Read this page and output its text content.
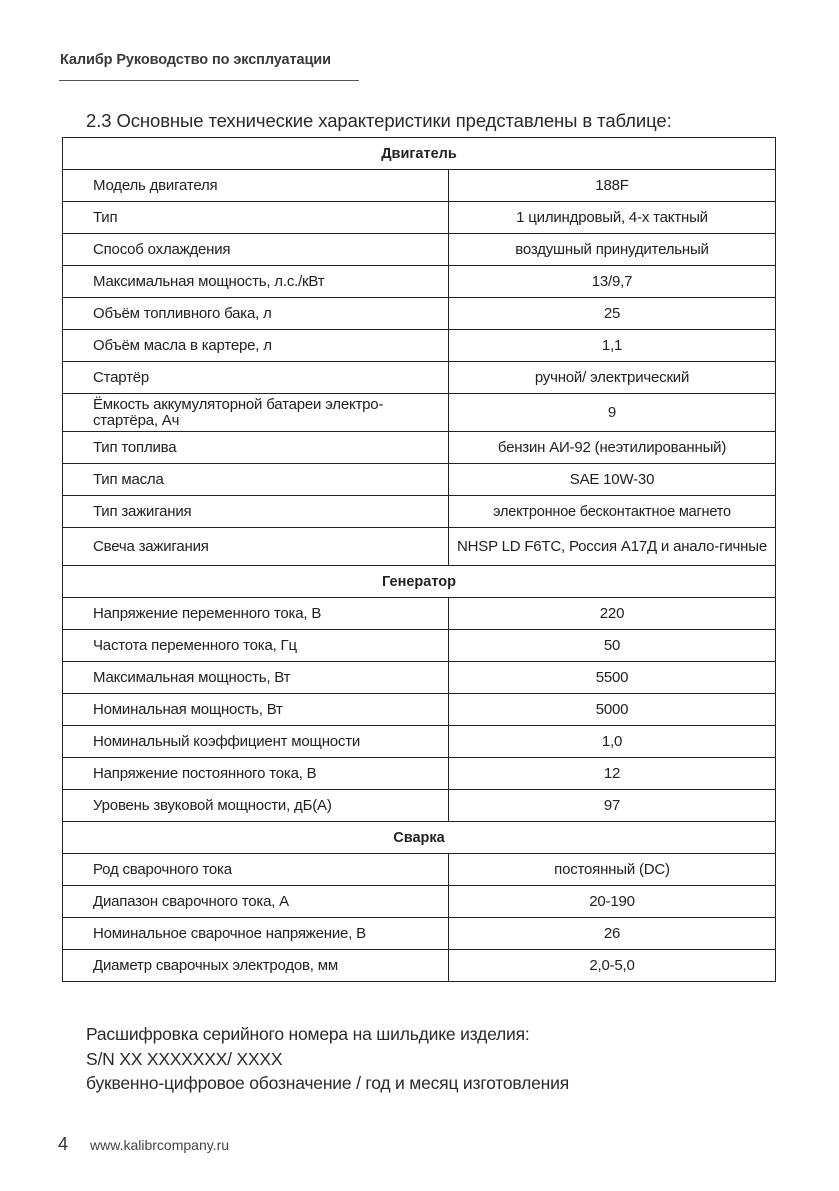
Калибр Руководство по эксплуатации
2.3 Основные технические характеристики представлены в таблице:
Двигатель	
Модель двигателя	188F
Тип	1 цилиндровый, 4-х тактный
Способ охлаждения	воздушный принудительный
Максимальная мощность, л.с./кВт	13/9,7
Объём топливного бака, л	25
Объём масла в картере, л	1,1
Стартёр	ручной/ электрический
Ёмкость аккумуляторной батареи электро-стартёра, Ач	9
Тип топлива	бензин АИ-92 (неэтилированный)
Тип масла	SAE 10W-30
Тип зажигания	электронное бесконтактное магнето
Свеча зажигания	NHSP LD F6TC, Россия А17Д и анало-гичные
Генератор	
Напряжение переменного тока, В	220
Частота переменного тока, Гц	50
Максимальная мощность, Вт	5500
Номинальная мощность, Вт	5000
Номинальный коэффициент мощности	1,0
Напряжение постоянного тока, В	12
Уровень звуковой мощности, дБ(А)	97
Сварка	
Род сварочного тока	постоянный (DC)
Диапазон сварочного тока, А	20-190
Номинальное сварочное напряжение, В	26
Диаметр сварочных электродов, мм	2,0-5,0
Расшифровка серийного номера на шильдике изделия:
S/N XX XXXXXXX/ XXXX
буквенно-цифровое обозначение / год и месяц изготовления
4 www.kalibrcompany.ru
